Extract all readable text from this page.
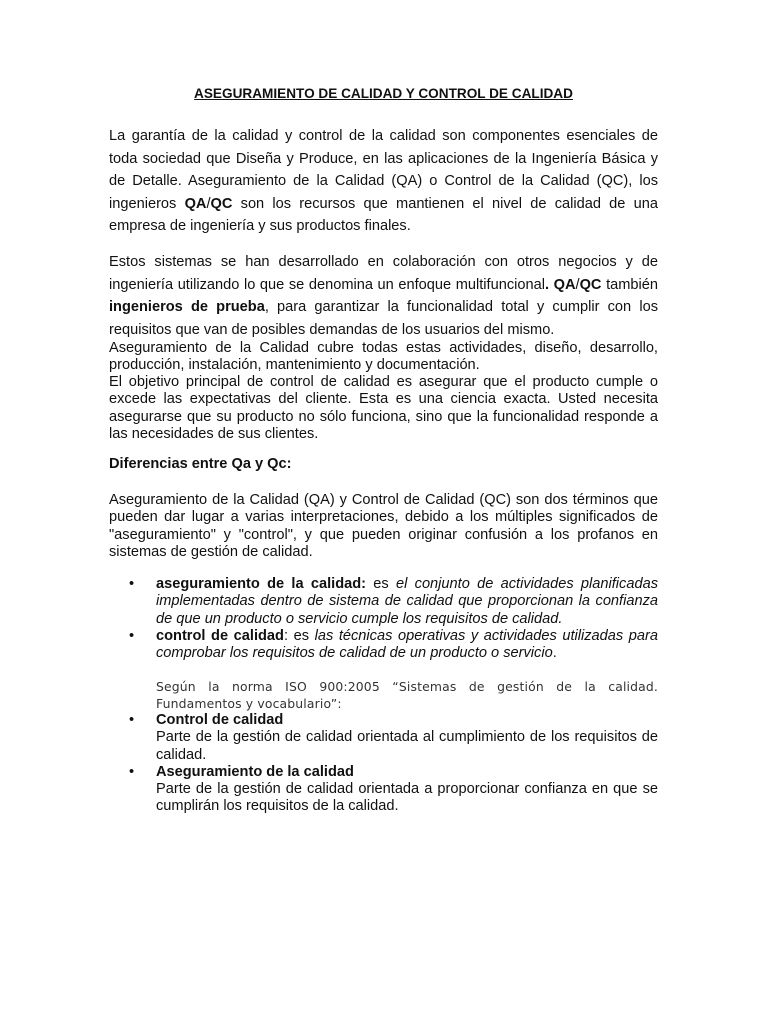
ASEGURAMIENTO DE CALIDAD Y CONTROL DE CALIDAD

La garantía de la calidad y control de la calidad son componentes esenciales de toda sociedad que Diseña y Produce, en las aplicaciones de la Ingeniería Básica y de Detalle. Aseguramiento de la Calidad (QA) o Control de la Calidad (QC), los ingenieros QA/QC son los recursos que mantienen el nivel de calidad de una empresa de ingeniería y sus productos finales.

Estos sistemas se han desarrollado en colaboración con otros negocios y de ingeniería utilizando lo que se denomina un enfoque multifuncional. QA/QC también ingenieros de prueba, para garantizar la funcionalidad total y cumplir con los requisitos que van de posibles demandas de los usuarios del mismo.

Aseguramiento de la Calidad cubre todas estas actividades, diseño, desarrollo, producción, instalación, mantenimiento y documentación.

El objetivo principal de control de calidad es asegurar que el producto cumple o excede las expectativas del cliente. Esta es una ciencia exacta. Usted necesita asegurarse que su producto no sólo funciona, sino que la funcionalidad responde a las necesidades de sus clientes.

Diferencias entre Qa y Qc:

Aseguramiento de la Calidad (QA) y Control de Calidad (QC) son dos términos que pueden dar lugar a varias interpretaciones, debido a los múltiples significados de "aseguramiento" y "control", y que pueden originar confusión a los profanos en sistemas de gestión de calidad.

• aseguramiento de la calidad: es el conjunto de actividades planificadas implementadas dentro de sistema de calidad que proporcionan la confianza de que un producto o servicio cumple los requisitos de calidad.
• control de calidad: es las técnicas operativas y actividades utilizadas para comprobar los requisitos de calidad de un producto o servicio.

Según la norma ISO 900:2005 “Sistemas de gestión de la calidad. Fundamentos y vocabulario”:

• Control de calidad
Parte de la gestión de calidad orientada al cumplimiento de los requisitos de calidad.
• Aseguramiento de la calidad
Parte de la gestión de calidad orientada a proporcionar confianza en que se cumplirán los requisitos de la calidad.
